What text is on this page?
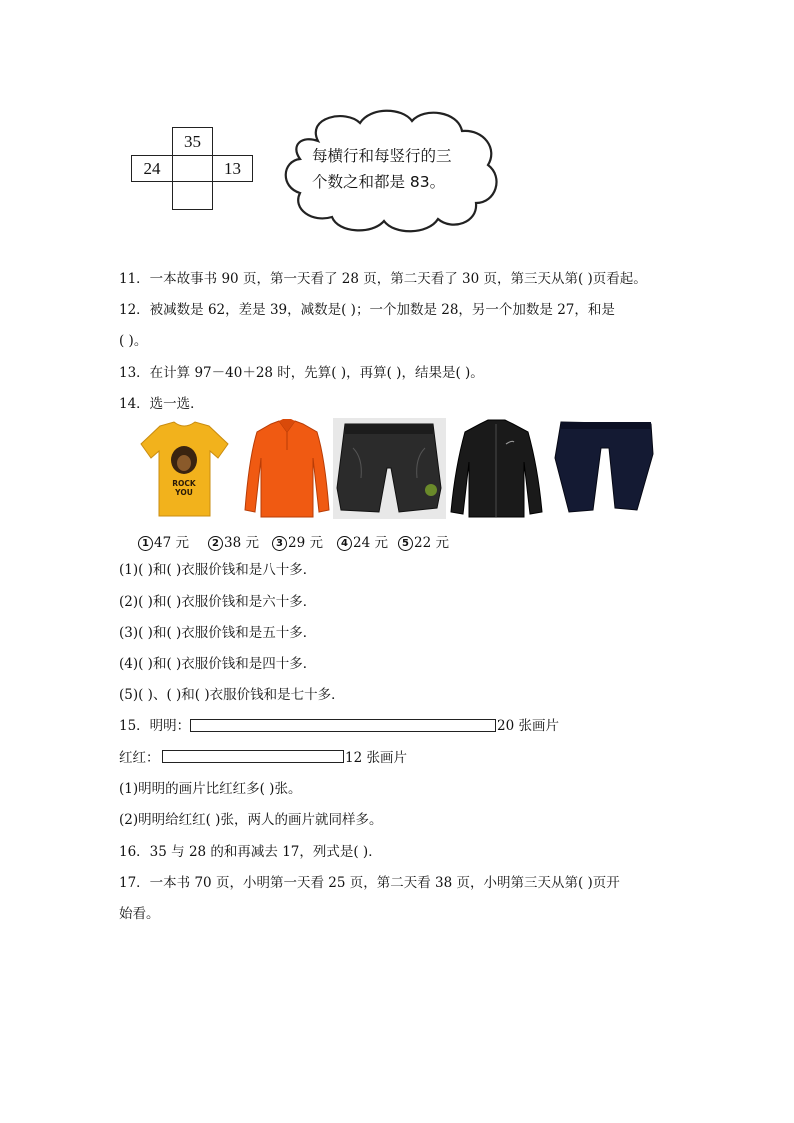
35
24	13
每横行和每竖行的三
个数之和都是 83。
11．一本故事书 90 页，第一天看了 28 页，第二天看了 30 页，第三天从第( )页看起。
12．被减数是 62，差是 39，减数是( )；一个加数是 28，另一个加数是 27，和是
( )。
13．在计算 97－40＋28 时，先算( )，再算( )，结果是( )。
14．选一选．
ROCK
YOU
1 47 元	2 38 元	3 29 元	4 24 元	5 22 元
(1)( )和( )衣服价钱和是八十多．
(2)( )和( )衣服价钱和是六十多．
(3)( )和( )衣服价钱和是五十多．
(4)( )和( )衣服价钱和是四十多．
(5)( )、( )和( )衣服价钱和是七十多．
15．明明：	20 张画片
红红：	12 张画片
(1)明明的画片比红红多( )张。
(2)明明给红红( )张，两人的画片就同样多。
16．35 与 28 的和再减去 17，列式是( )．
17．一本书 70 页，小明第一天看 25 页，第二天看 38 页，小明第三天从第( )页开
始看。
